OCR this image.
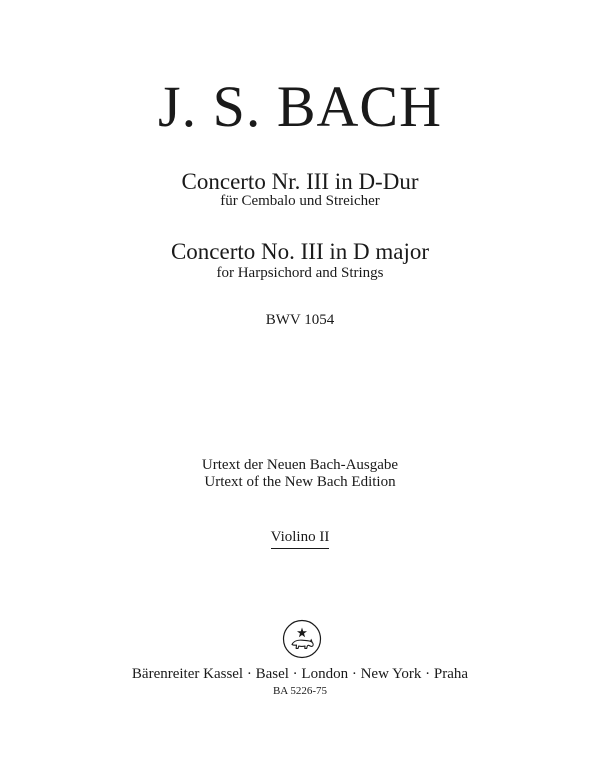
J. S. BACH
Concerto Nr. III in D-Dur
für Cembalo und Streicher
Concerto No. III in D major
for Harpsichord and Strings
BWV 1054
Urtext der Neuen Bach-Ausgabe
Urtext of the New Bach Edition
Violino II
Bärenreiter Kassel · Basel · London · New York · Praha
BA 5226-75
